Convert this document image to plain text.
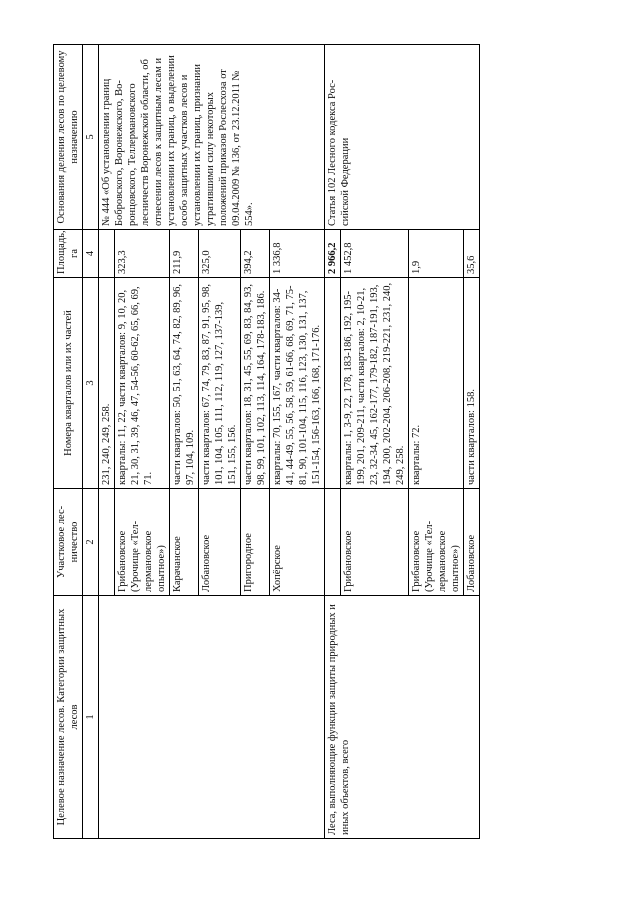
Целевое назначение лесов. Категории защитных лесов	Участковое лесничество	Номера кварталов или их частей	Площадь, га	Основания деления лесов по целевому назначению
1	2	3	4	5
		231, 240, 249, 258.		№ 444 «Об установлении границ Бобровского, Воронежского, Воронцовского, Теллермановского лесничеств Воронежской области, об отнесении лесов к защитным лесам и установлении их границ, о выделении особо защитных участков лесов и установлении их границ, признании утратившими силу некоторых положений приказов Рослесхоза от 09.04.2009 № 136, от 23.12.2011 № 554».
	Грибановское (Урочище «Теллермановское опытное»)	кварталы: 11, 22, части кварталов: 9, 10, 20, 21, 30, 31, 39, 46, 47, 54-56, 60-62, 65, 66, 69, 71.	323,3	
	Карачанское	части кварталов: 50, 51, 63, 64, 74, 82, 89, 96, 97, 104, 109.	211,9	
	Лобановское	части кварталов: 67, 74, 79, 83, 87, 91, 95, 98, 101, 104, 105, 111, 112, 119, 127, 137-139, 151, 155, 156.	325,0	
	Пригородное	части кварталов: 18, 31, 45, 55, 69, 83, 84, 93, 98, 99, 101, 102, 113, 114, 164, 178-183, 186.	394,2	
	Хопёрское	кварталы: 70, 155, 167, части кварталов: 34-41, 44-49, 55, 56, 58, 59, 61-66, 68, 69, 71, 75-81, 90, 101-104, 115, 116, 123, 130, 131, 137, 151-154, 156-163, 166, 168, 171-176.	1 336,8	
Леса, выполняющие функции защиты природных и иных объектов, всего			2 966,2	Статья 102 Лесного кодекса Российской Федерации
	Грибановское	кварталы: 1, 3-9, 22, 178, 183-186, 192, 195-199, 201, 209-211, части кварталов: 2, 10-21, 23, 32-34, 45, 162-177, 179-182, 187-191, 193, 194, 200, 202-204, 206-208, 219-221, 231, 240, 249, 258.	1 452,8	
	Грибановское (Урочище «Теллермановское опытное»)	кварталы: 72.	1,9	
	Лобановское	части кварталов: 158.	35,6	
